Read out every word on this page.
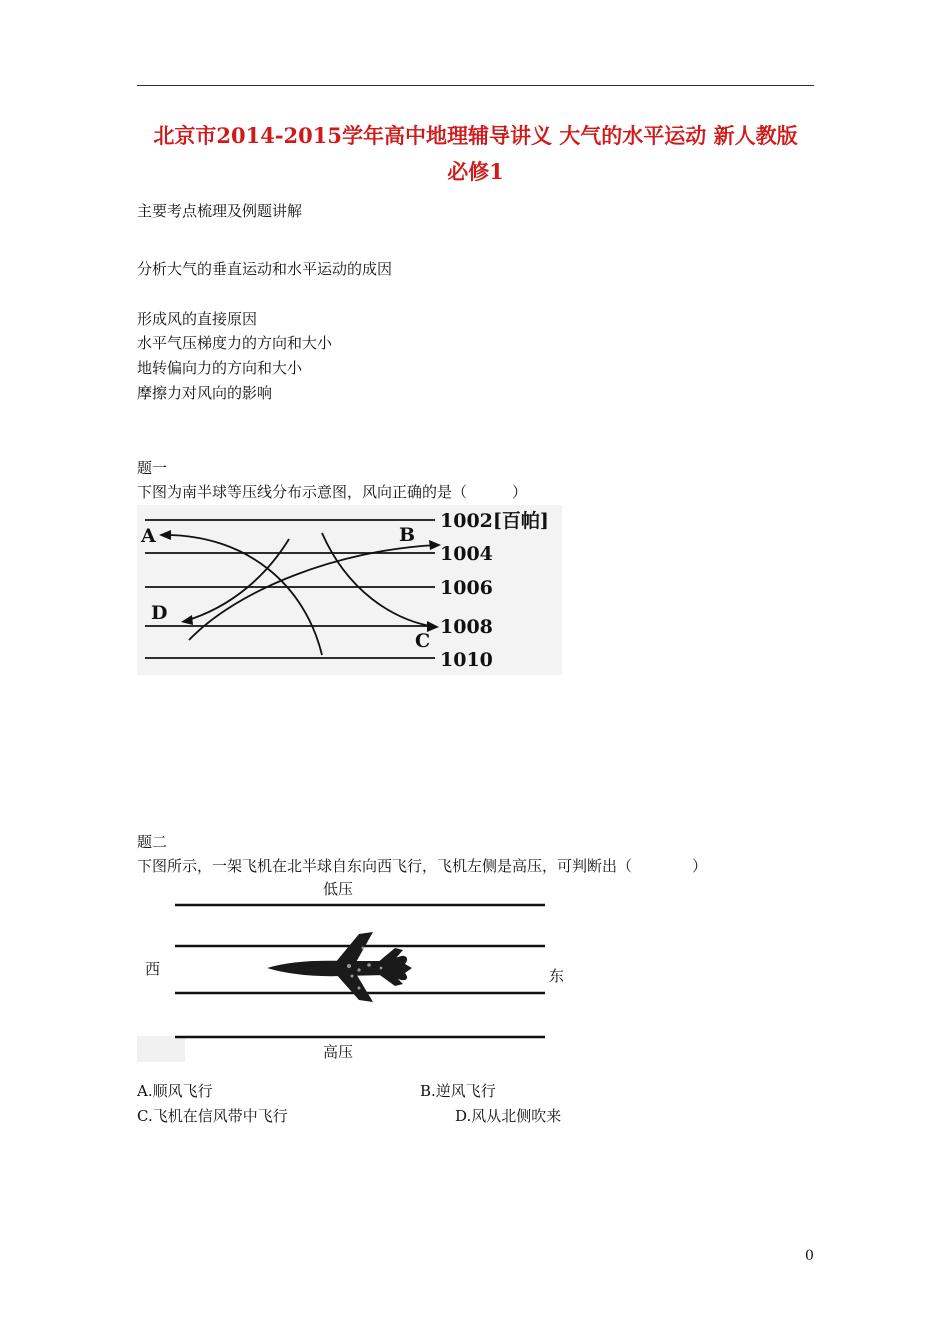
北京市2014-2015学年高中地理辅导讲义 大气的水平运动 新人教版
必修1
主要考点梳理及例题讲解
分析大气的垂直运动和水平运动的成因
形成风的直接原因
水平气压梯度力的方向和大小
地转偏向力的方向和大小
摩擦力对风向的影响
题一
下图为南半球等压线分布示意图，风向正确的是（　　　）
A	B
C
D
1002[百帕]
1004
1006
1008
1010
题二
下图所示，一架飞机在北半球自东向西飞行，飞机左侧是高压，可判断出（　　　　）
低压
高压
西	东
A.顺风飞行	B.逆风飞行
C.飞机在信风带中飞行	D.风从北侧吹来
0
